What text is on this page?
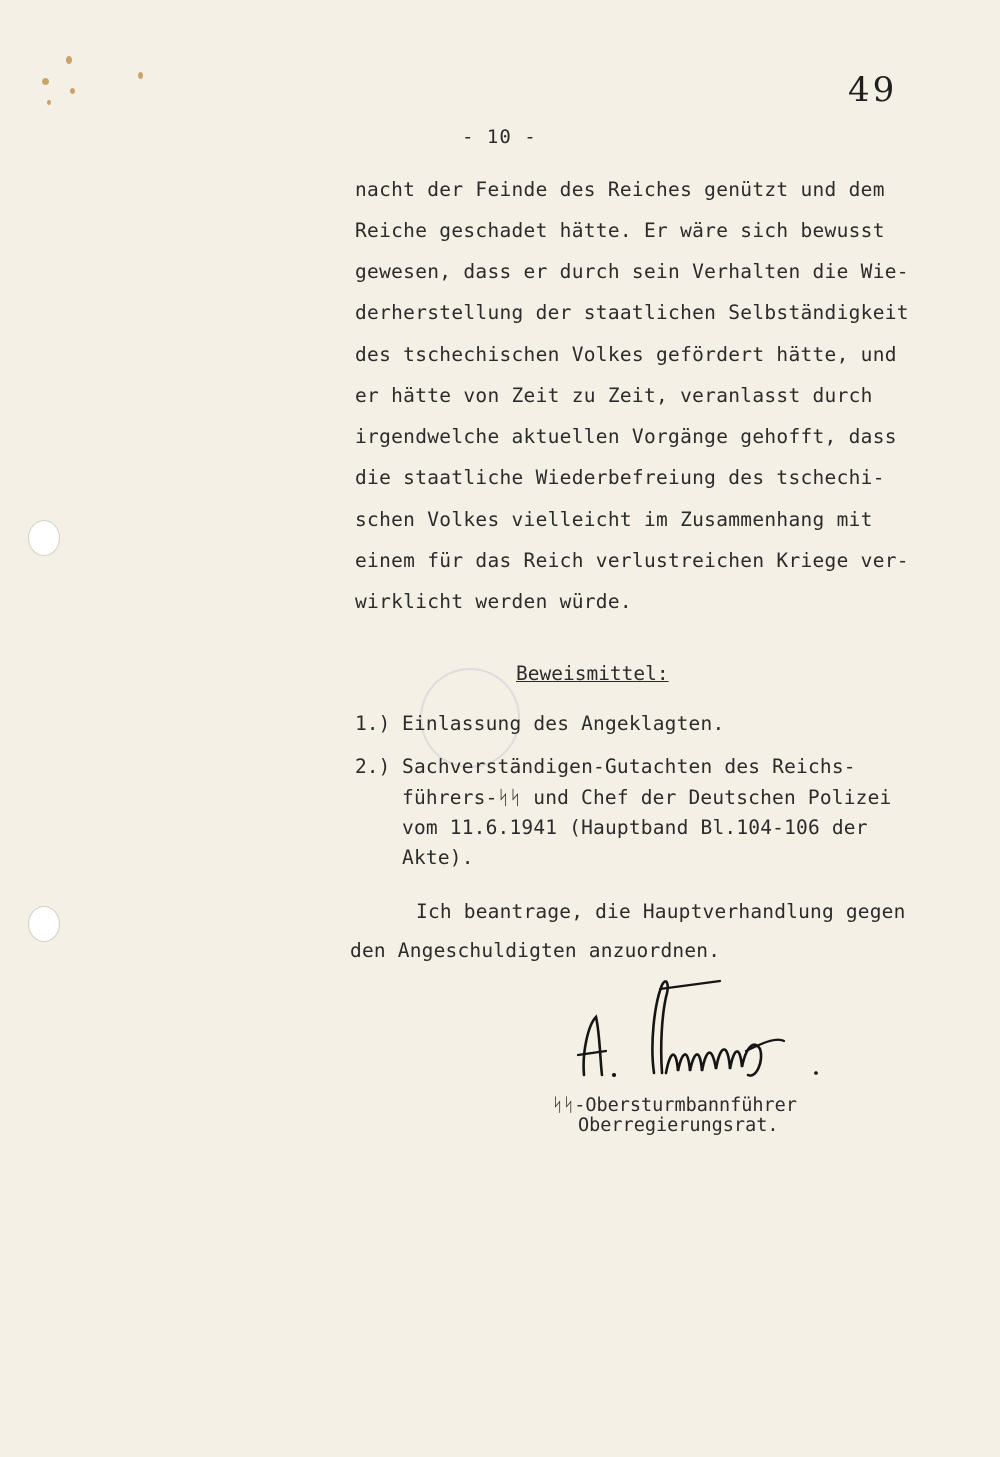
49
- 10 -
nacht der Feinde des Reiches genützt und dem
Reiche geschadet hätte. Er wäre sich bewusst
gewesen, dass er durch sein Verhalten die Wie-
derherstellung der staatlichen Selbständigkeit
des tschechischen Volkes gefördert hätte, und
er hätte von Zeit zu Zeit, veranlasst durch
irgendwelche aktuellen Vorgänge gehofft, dass
die staatliche Wiederbefreiung des tschechi-
schen Volkes vielleicht im Zusammenhang mit
einem für das Reich verlustreichen Kriege ver-
wirklicht werden würde.
Beweismittel:
1.) Einlassung des Angeklagten.
2.) Sachverständigen-Gutachten des Reichs-
führers-ᛋᛋ und Chef der Deutschen Polizei
vom 11.6.1941 (Hauptband Bl.104-106 der
Akte).
Ich beantrage, die Hauptverhandlung gegen
den Angeschuldigten anzuordnen.
ᛋᛋ-Obersturmbannführer
Oberregierungsrat.
